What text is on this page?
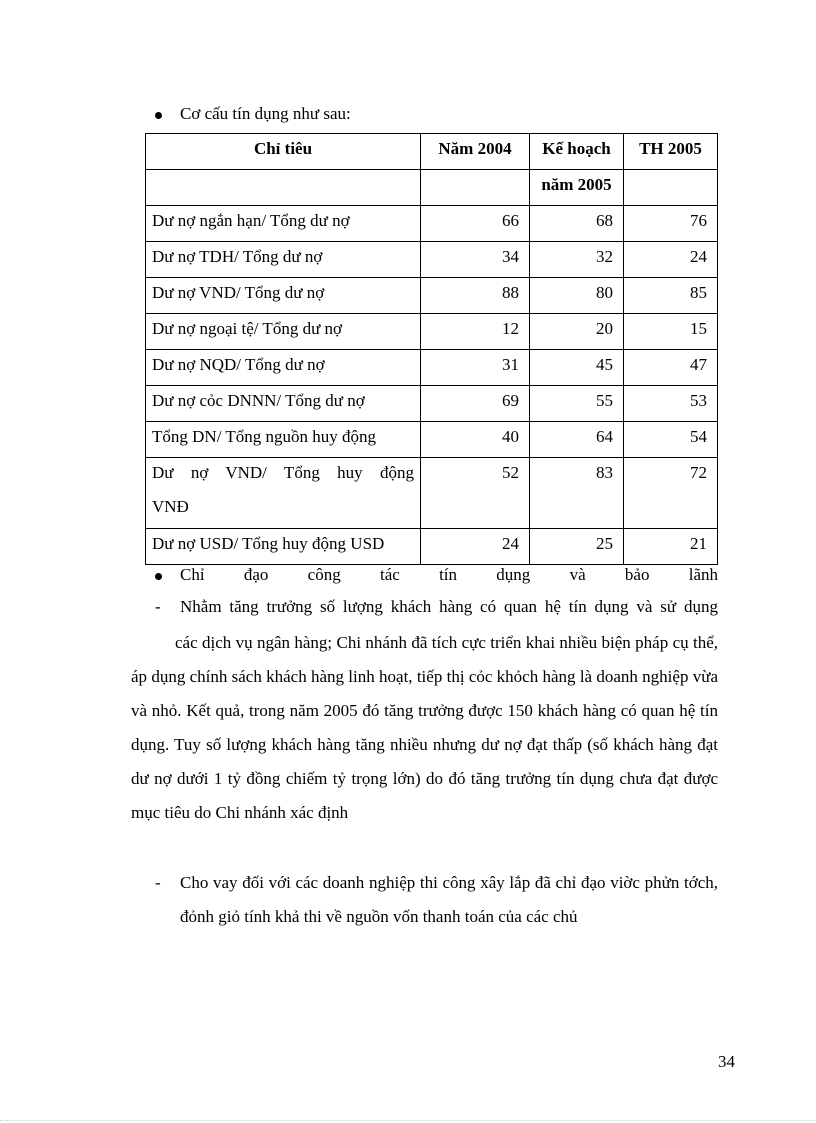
Cơ cấu tín dụng như sau:
Chỉ tiêu	Năm 2004	Kế hoạch	TH 2005
		năm 2005	
Dư nợ ngắn hạn/ Tổng dư nợ	66	68	76
Dư nợ TDH/ Tổng dư nợ	34	32	24
Dư nợ VND/ Tổng dư nợ	88	80	85
Dư nợ ngoại tệ/ Tổng dư nợ	12	20	15
Dư nợ NQD/ Tổng dư nợ	31	45	47
Dư nợ cỏc DNNN/ Tổng dư nợ	69	55	53
Tổng DN/ Tổng nguồn huy động	40	64	54

Dư nợ VND/ Tổng huy động
VNĐ	52	83	72
Dư nợ USD/ Tổng huy động USD	24	25	21
Chỉ đạo công tác tín dụng và bảo lãnh
- Nhằm tăng trưởng số lượng khách hàng có quan hệ tín dụng và sử dụng
các dịch vụ ngân hàng; Chi nhánh đã tích cực triển khai nhiều biện pháp cụ thể, áp dụng chính sách khách hàng linh hoạt, tiếp thị cỏc khỏch hàng là doanh nghiệp vừa và nhỏ. Kết quả, trong năm 2005 đó tăng trưởng được 150 khách hàng có quan hệ tín dụng. Tuy số lượng khách hàng tăng nhiều nhưng dư nợ đạt thấp (số khách hàng đạt dư nợ dưới 1 tỷ đồng chiếm tỷ trọng lớn) do đó tăng trưởng tín dụng chưa đạt được mục tiêu do Chi nhánh xác định
- Cho vay đối với các doanh nghiệp thi công xây lắp đã chỉ đạo viờc phửn tớch, đỏnh giỏ tính khả thi về nguồn vốn thanh toán của các chủ
34
